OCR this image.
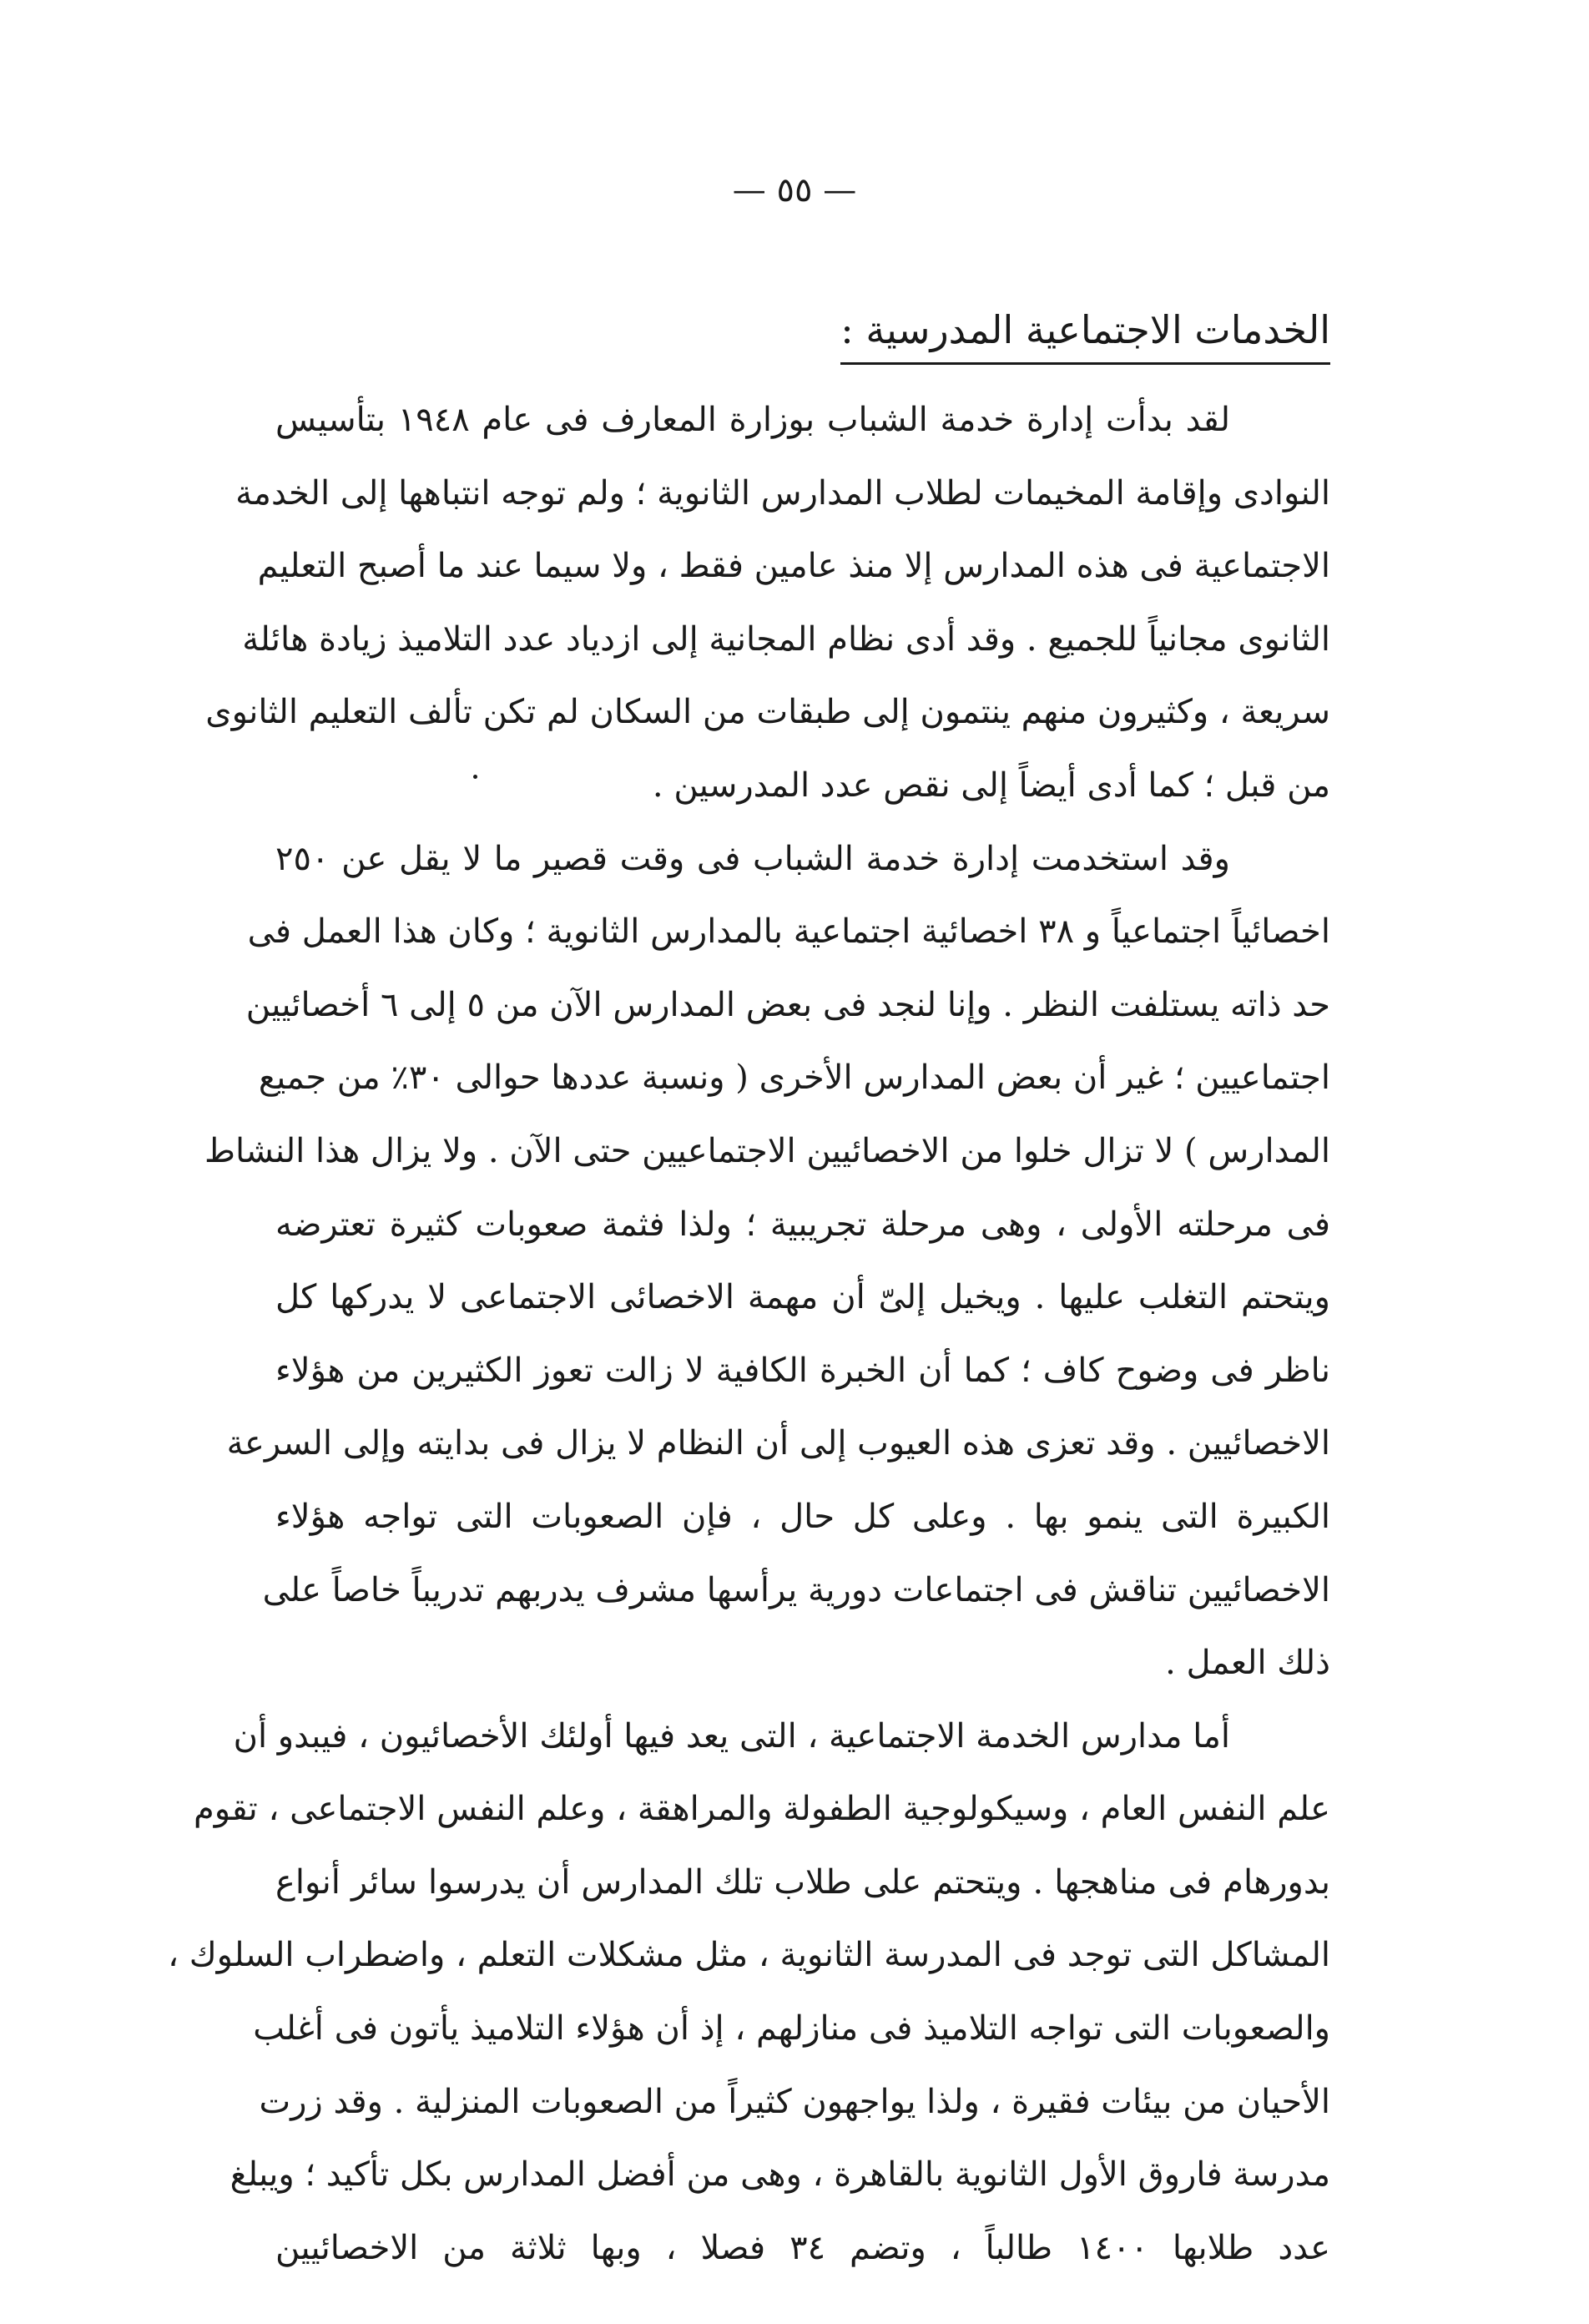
— ٥٥ —
الخدمات الاجتماعية المدرسية :
لقد بدأت إدارة خدمة الشباب بوزارة المعارف فى عام ١٩٤٨ بتأسيس
النوادى وإقامة المخيمات لطلاب المدارس الثانوية ؛ ولم توجه انتباهها إلى الخدمة
الاجتماعية فى هذه المدارس إلا منذ عامين فقط ، ولا سيما عند ما أصبح التعليم
الثانوى مجانياً للجميع . وقد أدى نظام المجانية إلى ازدياد عدد التلاميذ زيادة هائلة
سريعة ، وكثيرون منهم ينتمون إلى طبقات من السكان لم تكن تألف التعليم الثانوى
من قبل ؛ كما أدى أيضاً إلى نقص عدد المدرسين .
وقد استخدمت إدارة خدمة الشباب فى وقت قصير ما لا يقل عن ٢٥٠
اخصائياً اجتماعياً و ٣٨ اخصائية اجتماعية بالمدارس الثانوية ؛ وكان هذا العمل فى
حد ذاته يستلفت النظر . وإنا لنجد فى بعض المدارس الآن من ٥ إلى ٦ أخصائيين
اجتماعيين ؛ غير أن بعض المدارس الأخرى ( ونسبة عددها حوالى ٣٠٪ من جميع
المدارس ) لا تزال خلوا من الاخصائيين الاجتماعيين حتى الآن . ولا يزال هذا النشاط
فى مرحلته الأولى ، وهى مرحلة تجريبية ؛ ولذا فثمة صعوبات كثيرة تعترضه
ويتحتم التغلب عليها . ويخيل إلىّ أن مهمة الاخصائى الاجتماعى لا يدركها كل
ناظر فى وضوح كاف ؛ كما أن الخبرة الكافية لا زالت تعوز الكثيرين من هؤلاء
الاخصائيين . وقد تعزى هذه العيوب إلى أن النظام لا يزال فى بدايته وإلى السرعة
الكبيرة التى ينمو بها . وعلى كل حال ، فإن الصعوبات التى تواجه هؤلاء
الاخصائيين تناقش فى اجتماعات دورية يرأسها مشرف يدربهم تدريباً خاصاً على
ذلك العمل .
أما مدارس الخدمة الاجتماعية ، التى يعد فيها أولئك الأخصائيون ، فيبدو أن
علم النفس العام ، وسيكولوجية الطفولة والمراهقة ، وعلم النفس الاجتماعى ، تقوم
بدورهام فى مناهجها . ويتحتم على طلاب تلك المدارس أن يدرسوا سائر أنواع
المشاكل التى توجد فى المدرسة الثانوية ، مثل مشكلات التعلم ، واضطراب السلوك ،
والصعوبات التى تواجه التلاميذ فى منازلهم ، إذ أن هؤلاء التلاميذ يأتون فى أغلب
الأحيان من بيئات فقيرة ، ولذا يواجهون كثيراً من الصعوبات المنزلية . وقد زرت
مدرسة فاروق الأول الثانوية بالقاهرة ، وهى من أفضل المدارس بكل تأكيد ؛ ويبلغ
عدد طلابها ١٤٠٠ طالباً ، وتضم ٣٤ فصلا ، وبها ثلاثة من الاخصائيين
